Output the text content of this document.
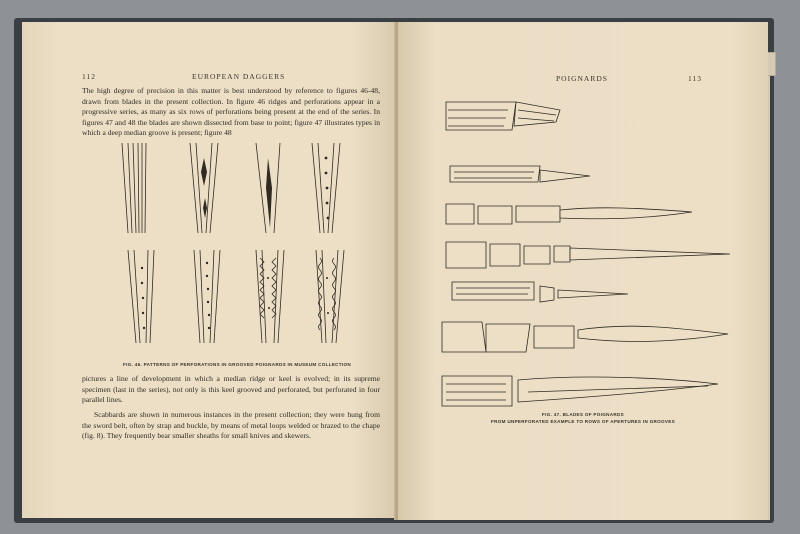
112	EUROPEAN DAGGERS
The high degree of precision in this matter is best understood by reference to figures 46-48, drawn from blades in the present collection. In figure 46 ridges and perforations appear in a progressive series, as many as six rows of perforations being present at the end of the series. In figures 47 and 48 the blades are shown dissected from base to point; figure 47 illustrates types in which a deep median groove is present; figure 48
FIG. 46. PATTERNS OF PERFORATIONS IN GROOVED POIGNARDS IN MUSEUM COLLECTION
pictures a line of development in which a median ridge or keel is evolved; in its supreme specimen (last in the series), not only is this keel grooved and perforated, but perforated in four parallel lines.
Scabbards are shown in numerous instances in the present collection; they were hung from the sword belt, often by strap and buckle, by means of metal loops welded or brazed to the chape (fig. 8). They frequently bear smaller sheaths for small knives and skewers.
POIGNARDS	113
FIG. 47. BLADES OF POIGNARDS
FROM UNPERFORATED EXAMPLE TO ROWS OF APERTURES IN GROOVES
